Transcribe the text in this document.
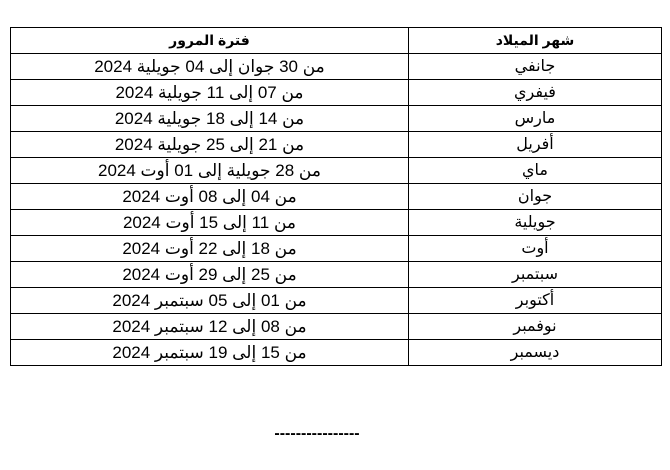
شهر الميلاد	فترة المرور
جانفي	من 30 جوان إلى 04 جويلية 2024
فيفري	من 07 إلى 11 جويلية 2024
مارس	من 14 إلى 18 جويلية 2024
أفريل	من 21 إلى 25 جويلية 2024
ماي	من 28 جويلية إلى 01 أوت 2024
جوان	من 04 إلى 08 أوت 2024
جويلية	من 11 إلى 15 أوت 2024
أوت	من 18 إلى 22 أوت 2024
سبتمبر	من 25 إلى 29 أوت 2024
أكتوبر	من 01 إلى 05 سبتمبر 2024
نوفمبر	من 08 إلى 12 سبتمبر 2024
ديسمبر	من 15 إلى 19 سبتمبر 2024
----------------
